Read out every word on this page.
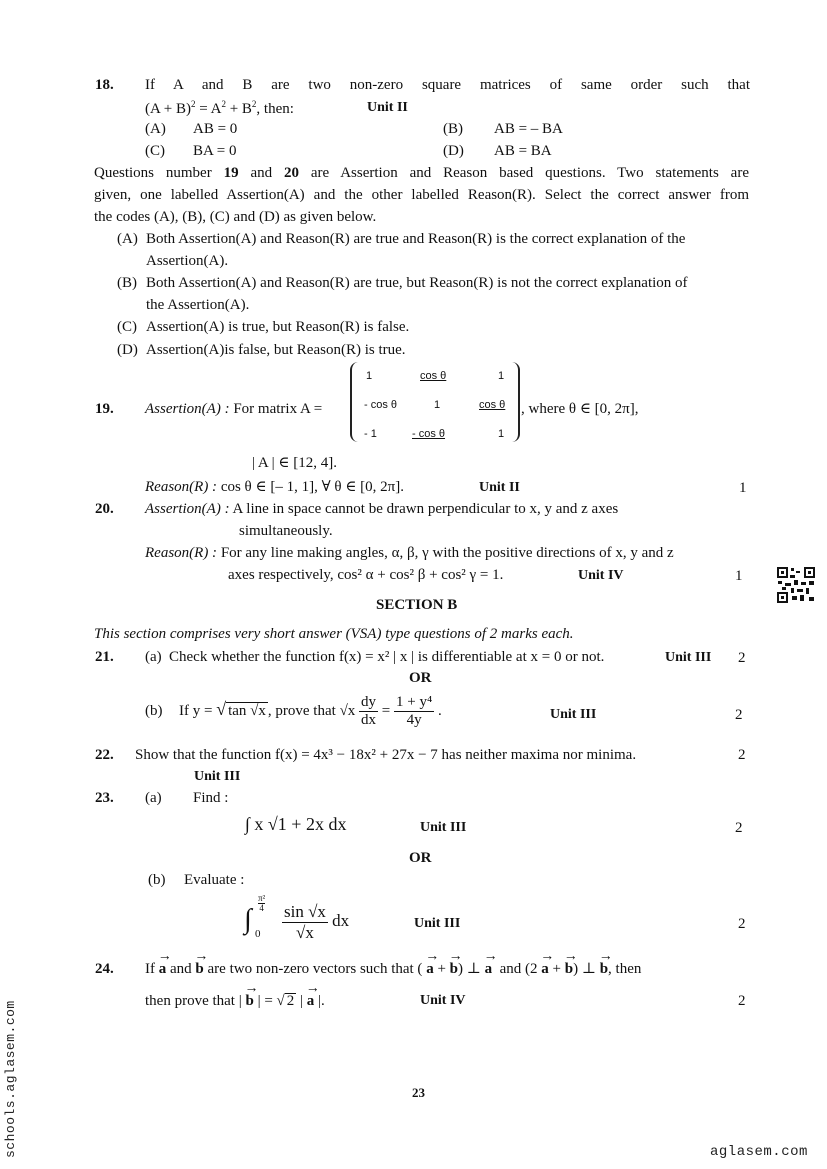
18. If A and B are two non-zero square matrices of same order such that
$(A + B)^2 = A^2 + B^2$, then:	Unit II
(A) AB = 0	(B) AB = – BA
(C) BA = 0	(D) AB = BA
Questions number 19 and 20 are Assertion and Reason based questions. Two statements are
given, one labelled Assertion(A) and the other labelled Reason(R). Select the correct answer from
the codes (A), (B), (C) and (D) as given below.
(A) Both Assertion(A) and Reason(R) are true and Reason(R) is the correct explanation of the
Assertion(A).
(B) Both Assertion(A) and Reason(R) are true, but Reason(R) is not the correct explanation of
the Assertion(A).
(C) Assertion(A) is true, but Reason(R) is false.
(D) Assertion(A)is false, but Reason(R) is true.
19. Assertion(A) : For matrix A =
1	cos θ	1
- cos θ	1	cos θ
- 1	- cos θ	1
, where θ ∈ [0, 2π],
| A | ∈ [12, 4].
Reason(R) : cos θ ∈ [– 1, 1], ∀ θ ∈ [0, 2π].	Unit II	1
20. Assertion(A) : A line in space cannot be drawn perpendicular to x, y and z axes
simultaneously.
Reason(R) : For any line making angles, α, β, γ with the positive directions of x, y and z
axes respectively, cos² α + cos² β + cos² γ = 1.	Unit IV	1
SECTION B
This section comprises very short answer (VSA) type questions of 2 marks each.
21. (a) Check whether the function f(x) = x² | x | is differentiable at x = 0 or not.	Unit III 2
OR
(b) If y = √ tan √x , prove that $√x \frac{dy}{dx} = \frac{\text{1 + y⁴}}{4y}$ .	Unit III	2
22. Show that the function f(x) = 4x³ − 18x² + 27x − 7 has neither maxima nor minima.	2
Unit III
23. (a) Find :
∫ x √1 + 2x dx	Unit III	2
OR
(b) Evaluate :
∫
π²
4
$0 \frac{\sin √x}{√x}$ dx	Unit III	2
24. If → a and → b are two non-zero vectors such that ( → a + → b) ⊥ → a and (2 → a + → b) ⊥ → b, then
then prove that | → b | = √ 2 | → a |.	Unit IV	2
23
schools.aglasem.com	aglasem.com
